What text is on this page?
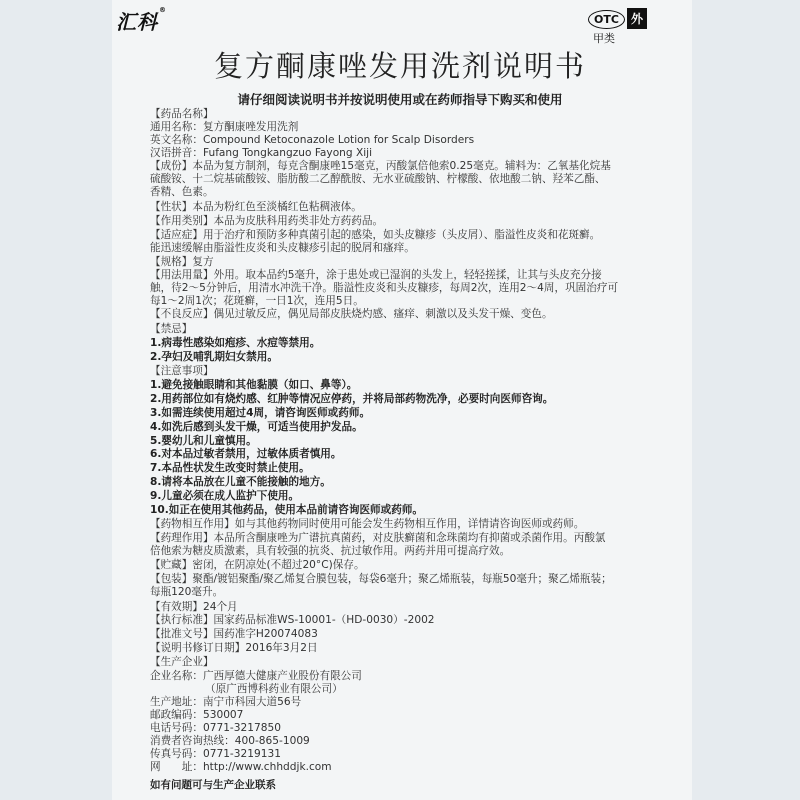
汇科®
OTC 外
甲类
复方酮康唑发用洗剂说明书
请仔细阅读说明书并按说明使用或在药师指导下购买和使用
【药品名称】
通用名称：复方酮康唑发用洗剂
英文名称：Compound Ketoconazole Lotion for Scalp Disorders
汉语拼音：Fufang Tongkangzuo Fayong Xiji
【成份】本品为复方制剂，每克含酮康唑15毫克，丙酸氯倍他索0.25毫克。辅料为：乙氧基化烷基
硫酸铵、十二烷基硫酸铵、脂肪酸二乙醇酰胺、无水亚硫酸钠、柠檬酸、依地酸二钠、羟苯乙酯、
香精、色素。
【性状】本品为粉红色至淡橘红色粘稠液体。
【作用类别】本品为皮肤科用药类非处方药药品。
【适应症】用于治疗和预防多种真菌引起的感染，如头皮糠疹（头皮屑）、脂溢性皮炎和花斑癣。
能迅速缓解由脂溢性皮炎和头皮糠疹引起的脱屑和瘙痒。
【规格】复方
【用法用量】外用。取本品约5毫升，涂于患处或已湿润的头发上，轻轻搓揉，让其与头皮充分接
触，待2～5分钟后，用清水冲洗干净。脂溢性皮炎和头皮糠疹，每周2次，连用2～4周，巩固治疗可
每1～2周1次；花斑癣，一日1次，连用5日。
【不良反应】偶见过敏反应，偶见局部皮肤烧灼感、瘙痒、刺激以及头发干燥、变色。
【禁忌】
1.病毒性感染如疱疹、水痘等禁用。
2.孕妇及哺乳期妇女禁用。
【注意事项】
1.避免接触眼睛和其他黏膜（如口、鼻等）。
2.用药部位如有烧灼感、红肿等情况应停药，并将局部药物洗净，必要时向医师咨询。
3.如需连续使用超过4周，请咨询医师或药师。
4.如洗后感到头发干燥，可适当使用护发品。
5.婴幼儿和儿童慎用。
6.对本品过敏者禁用，过敏体质者慎用。
7.本品性状发生改变时禁止使用。
8.请将本品放在儿童不能接触的地方。
9.儿童必须在成人监护下使用。
10.如正在使用其他药品，使用本品前请咨询医师或药师。
【药物相互作用】如与其他药物同时使用可能会发生药物相互作用，详情请咨询医师或药师。
【药理作用】本品所含酮康唑为广谱抗真菌药，对皮肤癣菌和念珠菌均有抑菌或杀菌作用。丙酸氯
倍他索为糖皮质激素，具有较强的抗炎、抗过敏作用。两药并用可提高疗效。
【贮藏】密闭，在阴凉处(不超过20°C)保存。
【包装】聚酯/镀铝聚酯/聚乙烯复合膜包装，每袋6毫升；聚乙烯瓶装，每瓶50毫升；聚乙烯瓶装；
每瓶120毫升。
【有效期】24个月
【执行标准】国家药品标准WS-10001-（HD-0030）-2002
【批准文号】国药准字H20074083
【说明书修订日期】2016年3月2日
【生产企业】
企业名称：广西厚德大健康产业股份有限公司
（原广西博科药业有限公司）
生产地址：南宁市科园大道56号
邮政编码：530007
电话号码：0771-3217850
消费者咨询热线：400-865-1009
传真号码：0771-3219131
网　　址：http://www.chhddjk.com
如有问题可与生产企业联系
